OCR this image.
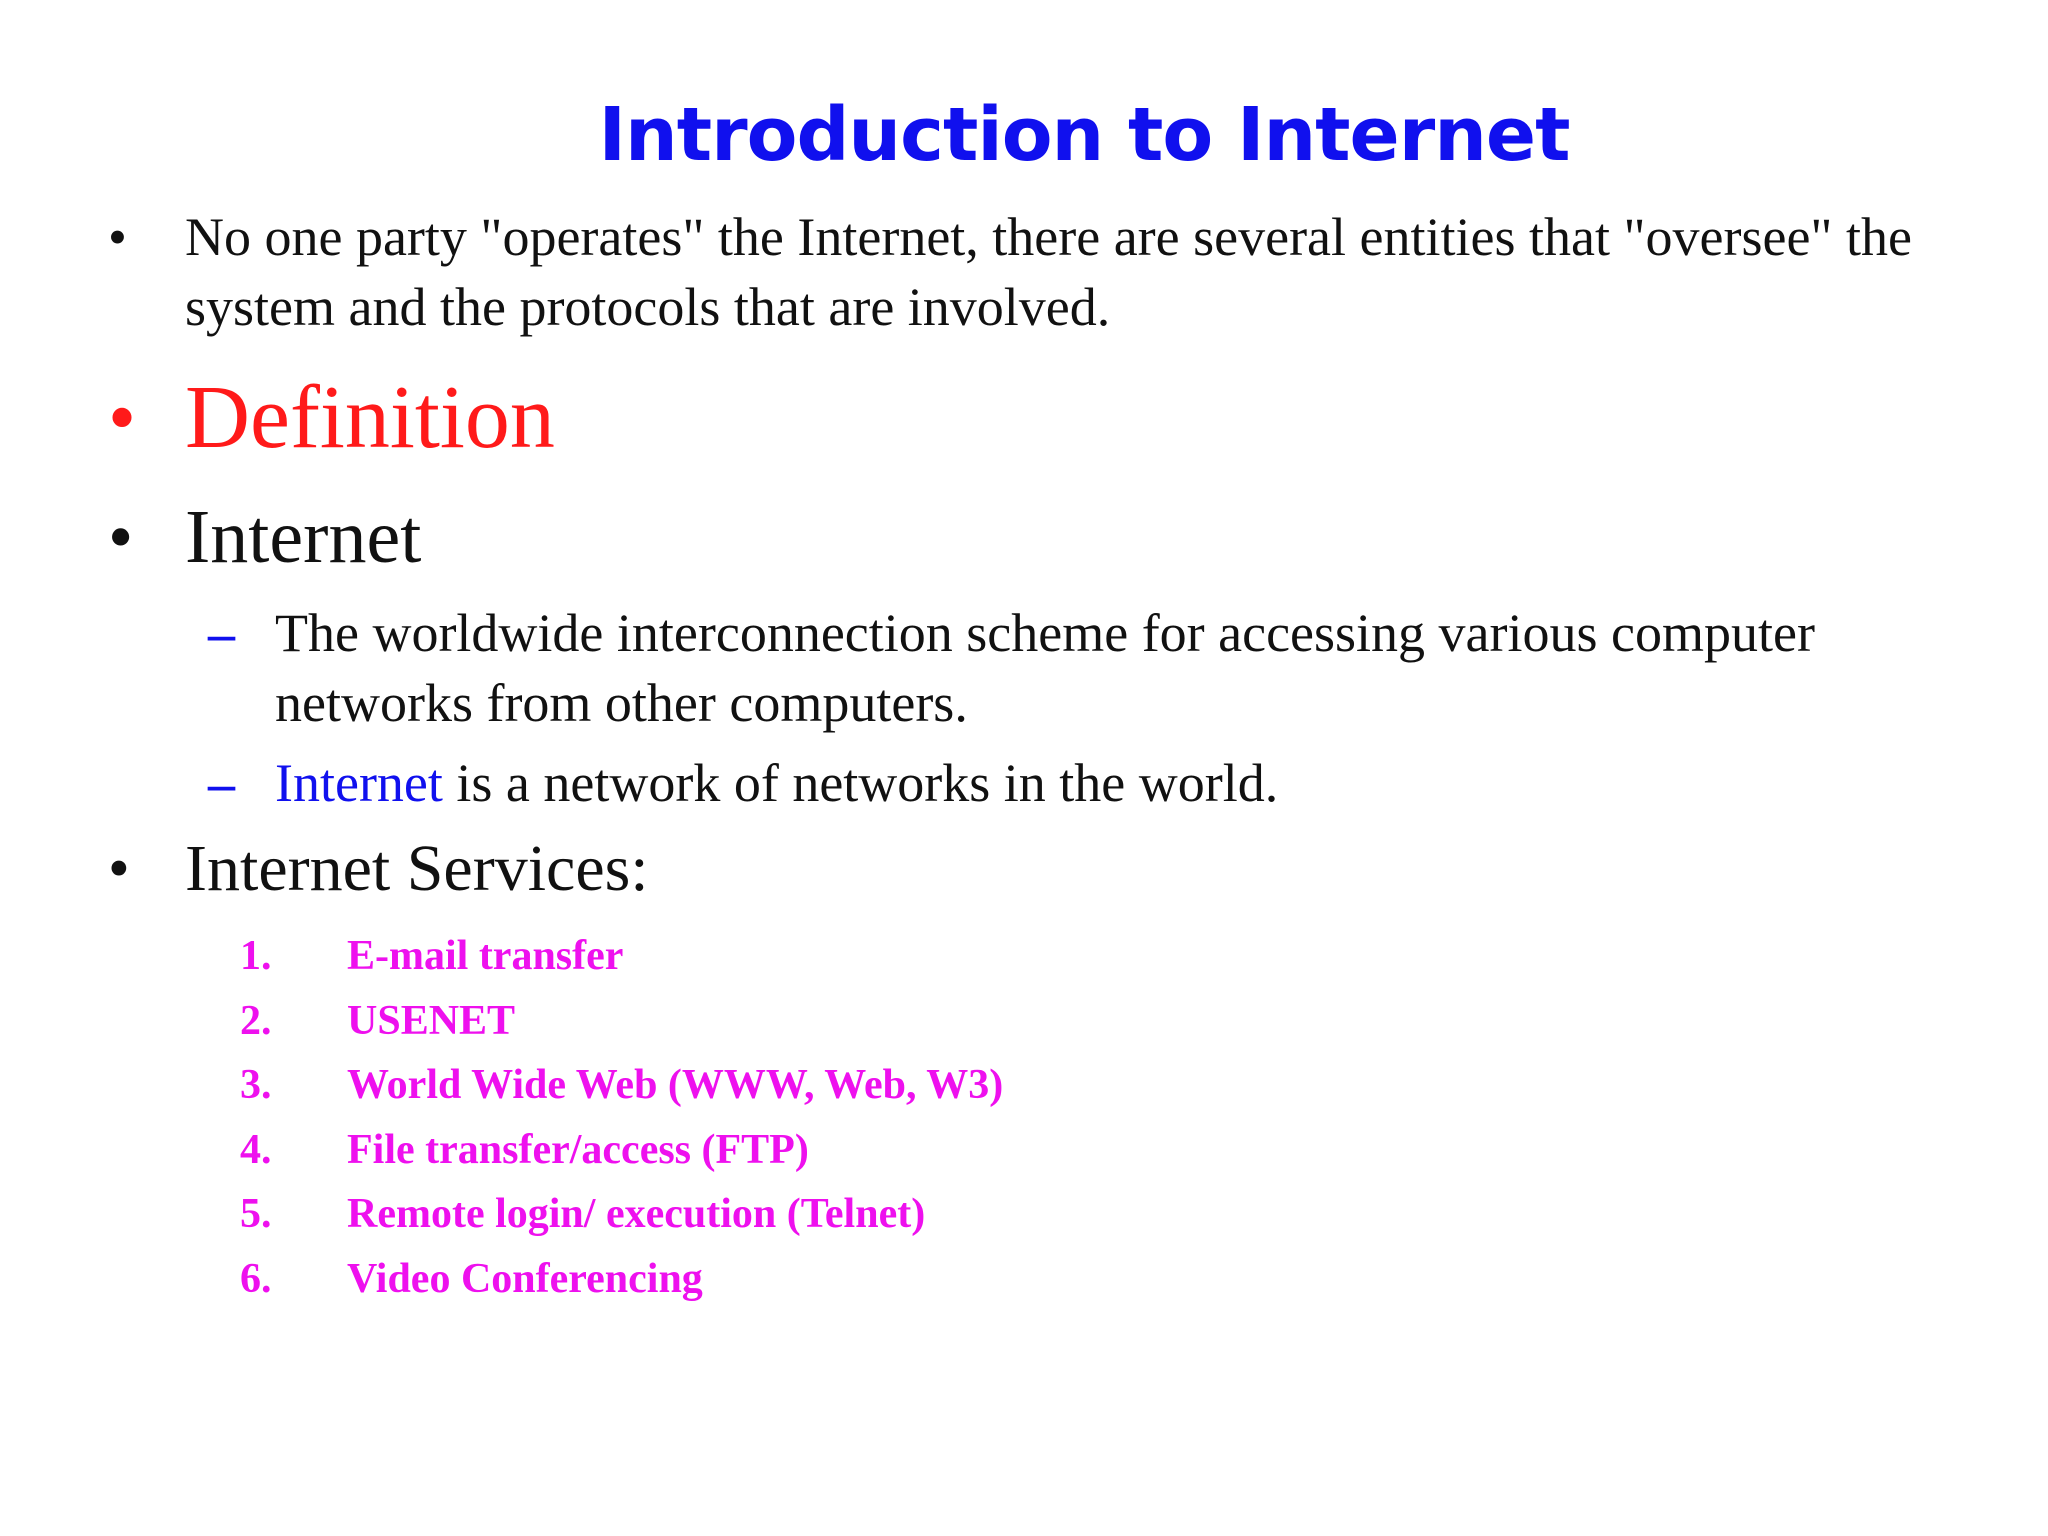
Introduction to Internet
• No one party "operates" the Internet, there are several entities that "oversee" the system and the protocols that are involved.
• Definition
• Internet
– The worldwide interconnection scheme for accessing various computer networks from other computers.
– Internet is a network of networks in the world.
• Internet Services:
1. E-mail transfer
2. USENET
3. World Wide Web (WWW, Web, W3)
4. File transfer/access (FTP)
5. Remote login/ execution (Telnet)
6. Video Conferencing
